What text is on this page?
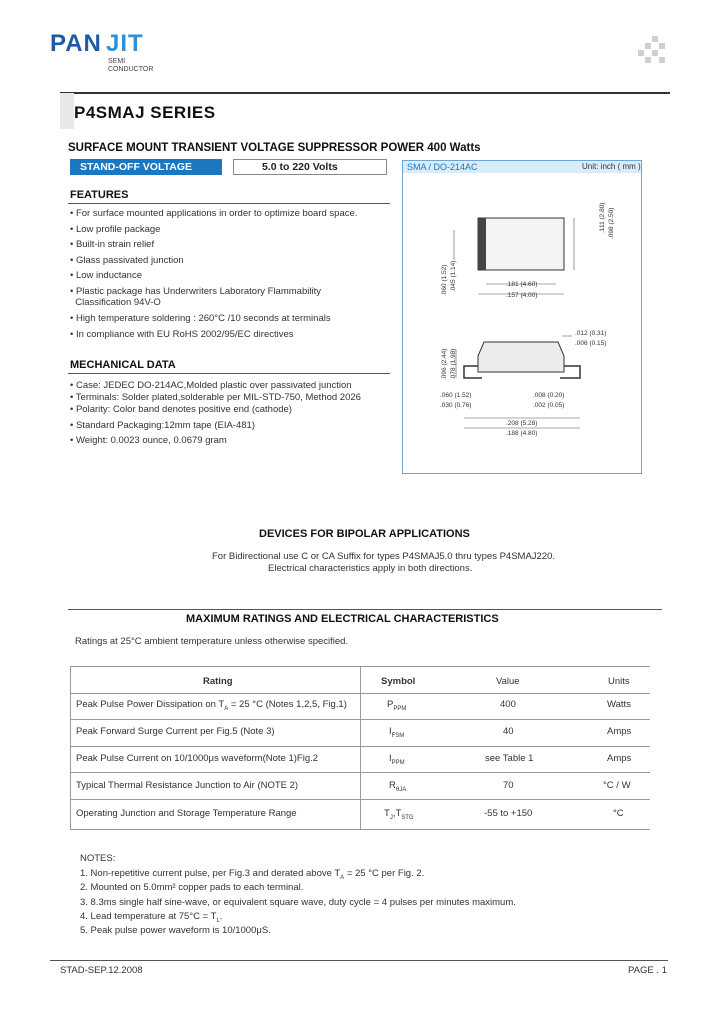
PAN JIT
SEMI
CONDUCTOR
P4SMAJ SERIES
SURFACE MOUNT TRANSIENT VOLTAGE SUPPRESSOR POWER 400 Watts
STAND-OFF VOLTAGE	5.0 to 220 Volts
FEATURES
• For surface mounted applications in order to optimize board space.
• Low profile package
• Built-in strain relief
• Glass passivated junction
• Low inductance
• Plastic package has Underwriters Laboratory Flammability
Classification 94V-O
• High temperature soldering : 260°C /10 seconds at terminals
• In compliance with EU RoHS 2002/95/EC directives
MECHANICAL DATA
• Case: JEDEC DO-214AC,Molded plastic over passivated junction
• Terminals: Solder plated,solderable per MIL-STD-750, Method 2026
• Polarity: Color band denotes positive end (cathode)
• Standard Packaging:12mm tape (EIA-481)
• Weight: 0.0023 ounce, 0.0679 gram
SMA / DO-214AC	Unit: inch ( mm )
.111 (2.80) .098 (2.50)
.060 (1.52) .045 (1.14)	.181 (4.60)
.157 (4.00)
.012 (0.31)
.006 (0.15)
.096 (2.44) .078 (1.98)
.060 (1.52)
.030 (0.76)
.008 (0.20)
.002 (0.05)
.208 (5.28)
.188 (4.80)
DEVICES FOR BIPOLAR APPLICATIONS
For Bidirectional use C or CA Suffix for types P4SMAJ5.0 thru types P4SMAJ220.
Electrical characteristics apply in both directions.
MAXIMUM RATINGS AND ELECTRICAL CHARACTERISTICS
Ratings at 25°C ambient temperature unless otherwise specified.
Rating	Symbol	Value	Units
Peak Pulse Power Dissipation on $T_A = 25$ °C (Notes 1,2,5, Fig.1)	$P_{PPM}$	400	Watts
Peak Forward Surge Current per Fig.5 (Note 3)	$I_{FSM}$	40	Amps
Peak Pulse Current on 10/1000μs waveform(Note 1)Fig.2	$I_{PPM}$	see Table 1	Amps
Typical Thermal Resistance Junction to Air (NOTE 2)	$R_{\theta JA}$	70	°C / W
Operating Junction and Storage Temperature Range	$T_J,T_{STG}$	-55 to +150	°C
NOTES:
1. Non-repetitive current pulse, per Fig.3 and derated above $T_A = 25$ °C per Fig. 2.
2. Mounted on 5.0mm² copper pads to each terminal.
3. 8.3ms single half sine-wave, or equivalent square wave, duty cycle = 4 pulses per minutes maximum.
4. Lead temperature at $75^\circ C = T_L$.
5. Peak pulse power waveform is 10/1000μS.
STAD-SEP.12.2008	PAGE . 1
